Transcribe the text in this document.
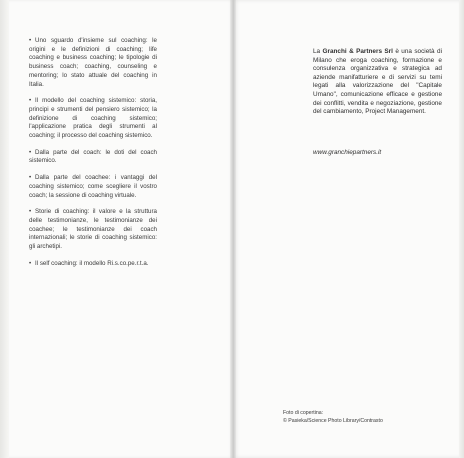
• Uno sguardo d'insieme sul coaching: le origini e le definizioni di coaching; life coaching e business coaching; le tipologie di business coach; coaching, counseling e mentoring; lo stato attuale del coaching in Italia.
• Il modello del coaching sistemico: storia, principi e strumenti del pensiero sistemico; la definizione di coaching sistemico; l'applicazione pratica degli strumenti al coaching; il processo del coaching sistemico.
• Dalla parte del coach: le doti del coach sistemico.
• Dalla parte del coachee: i vantaggi del coaching sistemico; come scegliere il vostro coach; la sessione di coaching virtuale.
• Storie di coaching: il valore e la struttura delle testimonianze, le testimonianze dei coachee; le testimonianze dei coach internazionali; le storie di coaching sistemico: gli archetipi.
• Il self coaching: il modello Ri.s.co.pe.r.t.a.

La Granchi & Partners Srl è una società di Milano che eroga coaching, formazione e consulenza organizzativa e strategica ad aziende manifatturiere e di servizi su temi legati alla valorizzazione del "Capitale Umano", comunicazione efficace e gestione dei conflitti, vendita e negoziazione, gestione del cambiamento, Project Management.

www.granchiepartners.it

Foto di copertina:
© Pasieka/Science Photo Library/Contrasto
